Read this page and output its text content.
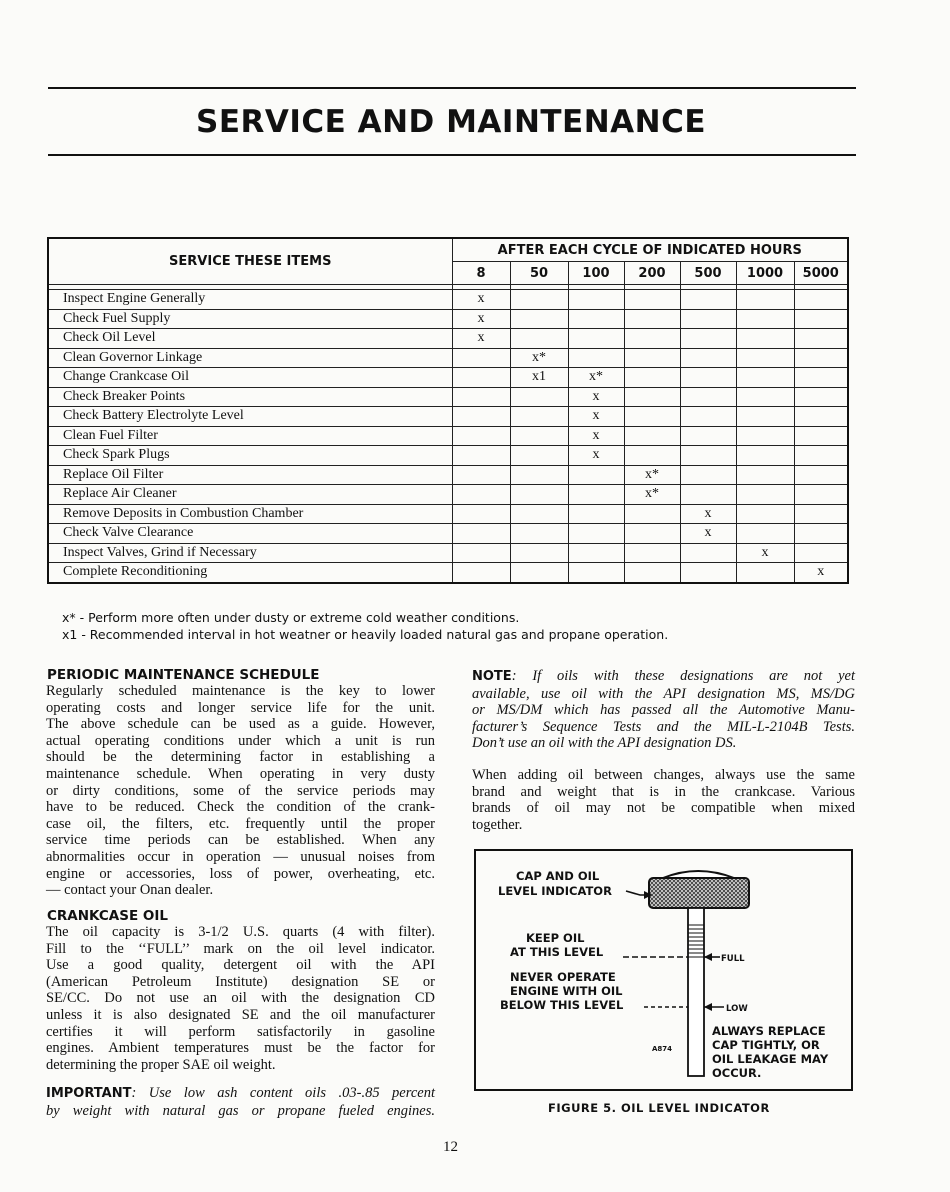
SERVICE AND MAINTENANCE
SERVICE THESE ITEMS	AFTER EACH CYCLE OF INDICATED HOURS						
	8	50	100	200	500	1000	5000

Inspect Engine Generally	x						
Check Fuel Supply	x						
Check Oil Level	x						
Clean Governor Linkage		x*					
Change Crankcase Oil		x1	x*				
Check Breaker Points			x				
Check Battery Electrolyte Level			x				
Clean Fuel Filter			x				
Check Spark Plugs			x				
Replace Oil Filter				x*			
Replace Air Cleaner				x*			
Remove Deposits in Combustion Chamber					x		
Check Valve Clearance					x		
Inspect Valves, Grind if Necessary						x	
Complete Reconditioning							x
x* - Perform more often under dusty or extreme cold weather conditions.
x1 - Recommended interval in hot weatner or heavily loaded natural gas and propane operation.
PERIODIC MAINTENANCE SCHEDULE
Regularly scheduled maintenance is the key to lower
operating costs and longer service life for the unit.
The above schedule can be used as a guide. However,
actual operating conditions under which a unit is run
should be the determining factor in establishing a
maintenance schedule. When operating in very dusty
or dirty conditions, some of the service periods may
have to be reduced. Check the condition of the crank-
case oil, the filters, etc. frequently until the proper
service time periods can be established. When any
abnormalities occur in operation — unusual noises from
engine or accessories, loss of power, overheating, etc.
— contact your Onan dealer.
CRANKCASE OIL
The oil capacity is 3-1/2 U.S. quarts (4 with filter).
Fill to the ‘‘FULL’’ mark on the oil level indicator.
Use a good quality, detergent oil with the API
(American Petroleum Institute) designation SE or
SE/CC. Do not use an oil with the designation CD
unless it is also designated SE and the oil manufacturer
certifies it will perform satisfactorily in gasoline
engines. Ambient temperatures must be the factor for
determining the proper SAE oil weight.
IMPORTANT: Use low ash content oils .03-.85 percent
by weight with natural gas or propane fueled engines.
NOTE: If oils with these designations are not yet
available, use oil with the API designation MS, MS/DG
or MS/DM which has passed all the Automotive Manu-
facturer’s Sequence Tests and the MIL-L-2104B Tests.
Don’t use an oil with the API designation DS.
When adding oil between changes, always use the same
brand and weight that is in the crankcase. Various
brands of oil may not be compatible when mixed
together.
CAP AND OIL
LEVEL INDICATOR
KEEP OIL
AT THIS LEVEL	FULL
NEVER OPERATE
ENGINE WITH OIL
BELOW THIS LEVEL	LOW
ALWAYS REPLACE
CAP TIGHTLY, OR
OIL LEAKAGE MAY
OCCUR.
A874
FIGURE 5. OIL LEVEL INDICATOR
12
